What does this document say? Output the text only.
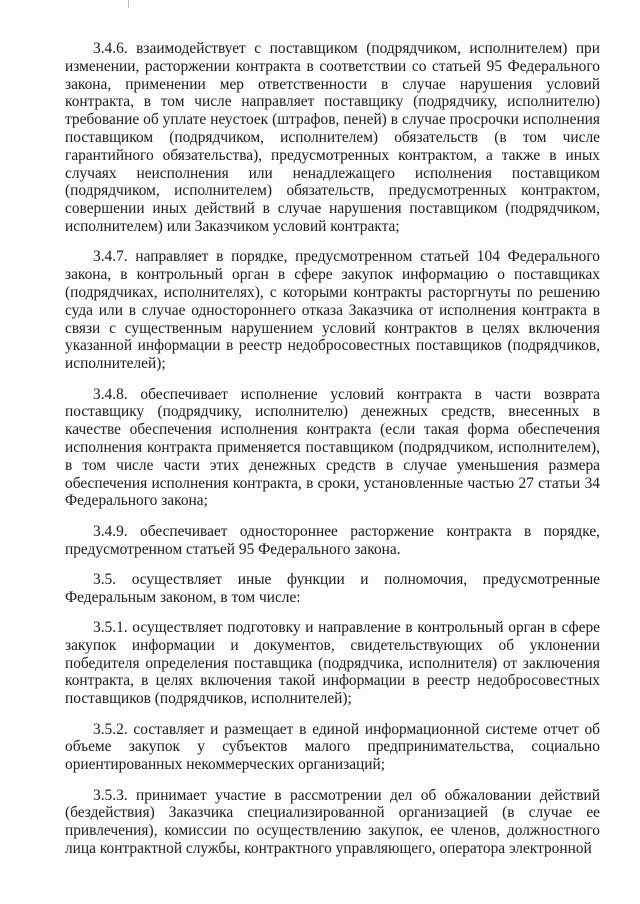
3.4.6. взаимодействует с поставщиком (подрядчиком, исполнителем) при изменении, расторжении контракта в соответствии со статьей 95 Федерального закона, применении мер ответственности в случае нарушения условий контракта, в том числе направляет поставщику (подрядчику, исполнителю) требование об уплате неустоек (штрафов, пеней) в случае просрочки исполнения поставщиком (подрядчиком, исполнителем) обязательств (в том числе гарантийного обязательства), предусмотренных контрактом, а также в иных случаях неисполнения или ненадлежащего исполнения поставщиком (подрядчиком, исполнителем) обязательств, предусмотренных контрактом, совершении иных действий в случае нарушения поставщиком (подрядчиком, исполнителем) или Заказчиком условий контракта;

3.4.7. направляет в порядке, предусмотренном статьей 104 Федерального закона, в контрольный орган в сфере закупок информацию о поставщиках (подрядчиках, исполнителях), с которыми контракты расторгнуты по решению суда или в случае одностороннего отказа Заказчика от исполнения контракта в связи с существенным нарушением условий контрактов в целях включения указанной информации в реестр недобросовестных поставщиков (подрядчиков, исполнителей);

3.4.8. обеспечивает исполнение условий контракта в части возврата поставщику (подрядчику, исполнителю) денежных средств, внесенных в качестве обеспечения исполнения контракта (если такая форма обеспечения исполнения контракта применяется поставщиком (подрядчиком, исполнителем), в том числе части этих денежных средств в случае уменьшения размера обеспечения исполнения контракта, в сроки, установленные частью 27 статьи 34 Федерального закона;

3.4.9. обеспечивает одностороннее расторжение контракта в порядке, предусмотренном статьей 95 Федерального закона.

3.5. осуществляет иные функции и полномочия, предусмотренные Федеральным законом, в том числе:

3.5.1. осуществляет подготовку и направление в контрольный орган в сфере закупок информации и документов, свидетельствующих об уклонении победителя определения поставщика (подрядчика, исполнителя) от заключения контракта, в целях включения такой информации в реестр недобросовестных поставщиков (подрядчиков, исполнителей);

3.5.2. составляет и размещает в единой информационной системе отчет об объеме закупок у субъектов малого предпринимательства, социально ориентированных некоммерческих организаций;

3.5.3. принимает участие в рассмотрении дел об обжаловании действий (бездействия) Заказчика специализированной организацией (в случае ее привлечения), комиссии по осуществлению закупок, ее членов, должностного лица контрактной службы, контрактного управляющего, оператора электронной
